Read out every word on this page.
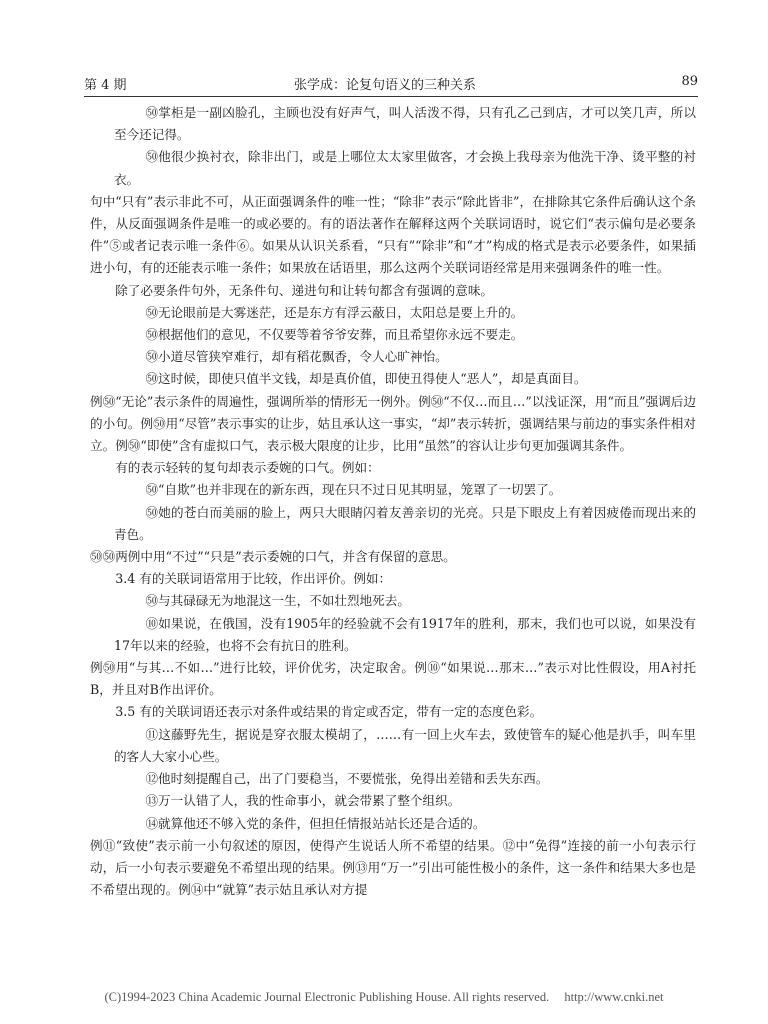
第 4 期	张学成：论复句语义的三种关系	89

㊿掌柜是一副凶脸孔，主顾也没有好声气，叫人活泼不得，只有孔乙己到店，才可以笑几声，所以至今还记得。

㊿他很少换衬衣，除非出门，或是上哪位太太家里做客，才会换上我母亲为他洗干净、烫平整的衬衣。

句中“只有”表示非此不可，从正面强调条件的唯一性；“除非”表示“除此皆非”，在排除其它条件后确认这个条件，从反面强调条件是唯一的或必要的。有的语法著作在解释这两个关联词语时，说它们“表示偏句是必要条件”⑤或者记表示唯一条件⑥。如果从认识关系看，“只有”“除非”和“才”构成的格式是表示必要条件，如果插进小句，有的还能表示唯一条件；如果放在话语里，那么这两个关联词语经常是用来强调条件的唯一性。

除了必要条件句外，无条件句、递进句和让转句都含有强调的意味。

㊿无论眼前是大雾迷茫，还是东方有浮云蔽日，太阳总是要上升的。

㊿根据他们的意见，不仅要等着爷爷安葬，而且希望你永远不要走。

㊿小道尽管狭窄难行，却有稻花飘香，令人心旷神怡。

㊿这时候，即使只值半文钱，却是真价值，即使丑得使人“恶人”，却是真面目。

例㊿“无论”表示条件的周遍性，强调所举的情形无一例外。例㊿“不仅…而且…”以浅证深，用“而且”强调后边的小句。例㊿用“尽管”表示事实的让步，姑且承认这一事实，“却”表示转折，强调结果与前边的事实条件相对立。例㊿“即使”含有虚拟口气，表示极大限度的让步，比用“虽然”的容认让步句更加强调其条件。

有的表示轻转的复句却表示委婉的口气。例如：

㊿“自欺”也并非现在的新东西，现在只不过日见其明显，笼罩了一切罢了。

㊿她的苍白而美丽的脸上，两只大眼睛闪着友善亲切的光亮。只是下眼皮上有着因疲倦而现出来的青色。

㊿㊿两例中用“不过”“只是”表示委婉的口气，并含有保留的意思。

3.4 有的关联词语常用于比较，作出评价。例如：

㊿与其碌碌无为地混这一生，不如壮烈地死去。

⑩如果说，在俄国，没有1905年的经验就不会有1917年的胜利，那末，我们也可以说，如果没有17年以来的经验，也将不会有抗日的胜利。

例㊿用“与其…不如…”进行比较，评价优劣，决定取舍。例⑩“如果说…那末…”表示对比性假设，用A衬托B，并且对B作出评价。

3.5 有的关联词语还表示对条件或结果的肯定或否定，带有一定的态度色彩。

⑪这藤野先生，据说是穿衣服太模胡了，……有一回上火车去，致使管车的疑心他是扒手，叫车里的客人大家小心些。

⑫他时刻提醒自己，出了门要稳当，不要慌张，免得出差错和丢失东西。

⑬万一认错了人，我的性命事小，就会带累了整个组织。

⑭就算他还不够入党的条件，但担任情报站站长还是合适的。

例⑪“致使”表示前一小句叙述的原因，使得产生说话人所不希望的结果。⑫中“免得”连接的前一小句表示行动，后一小句表示要避免不希望出现的结果。例⑬用“万一”引出可能性极小的条件，这一条件和结果大多也是不希望出现的。例⑭中“就算”表示姑且承认对方提

(C)1994-2023 China Academic Journal Electronic Publishing House. All rights reserved. http://www.cnki.net
